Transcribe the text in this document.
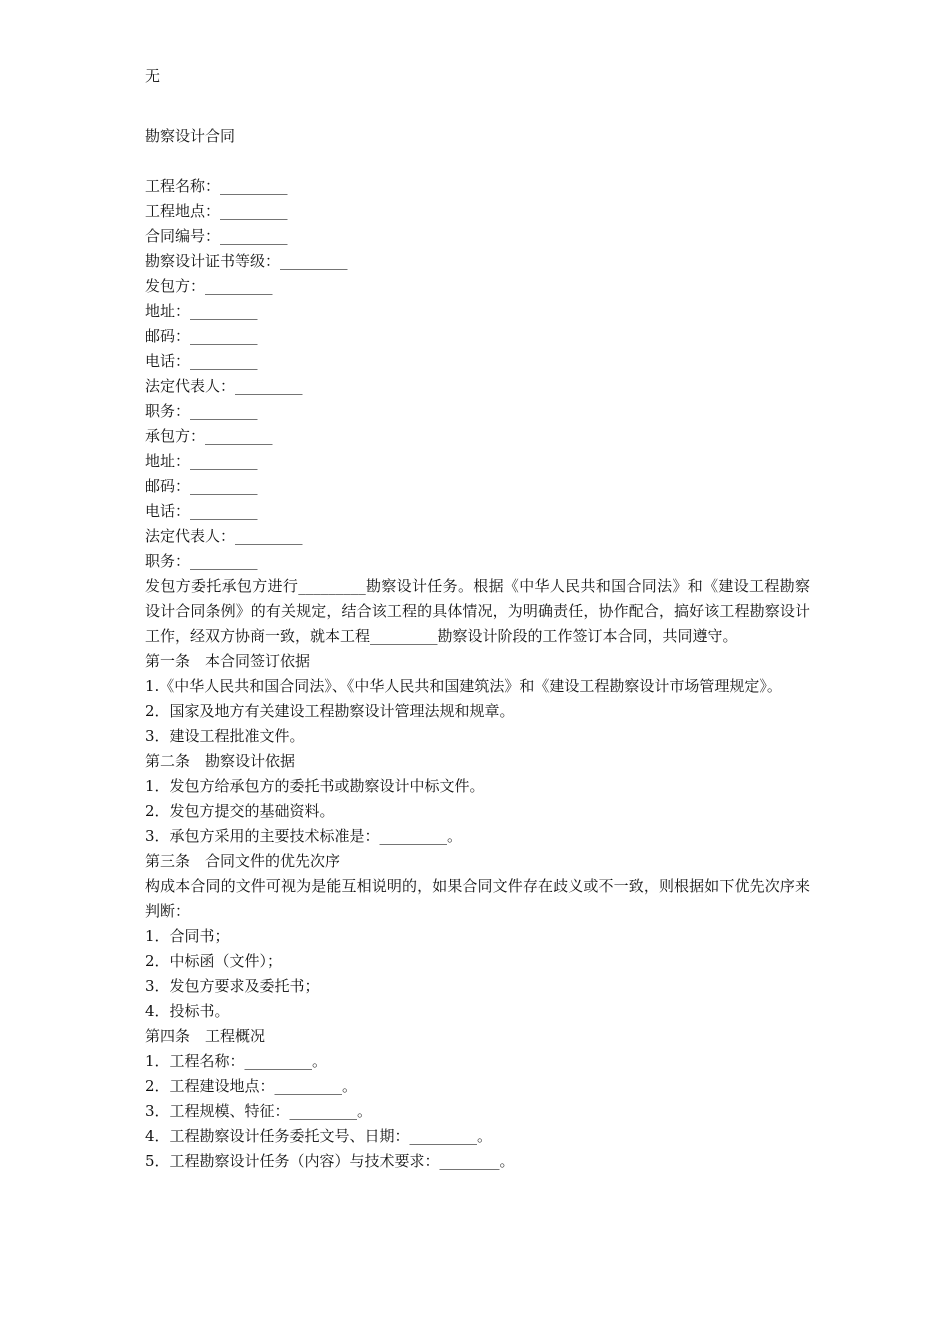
无
勘察设计合同
工程名称：_________
工程地点：_________
合同编号：_________
勘察设计证书等级：_________
发包方：_________
地址：_________
邮码：_________
电话：_________
法定代表人：_________
职务：_________
承包方：_________
地址：_________
邮码：_________
电话：_________
法定代表人：_________
职务：_________

发包方委托承包方进行_________勘察设计任务。根据《中华人民共和国合同法》和《建设工程勘察设计合同条例》的有关规定，结合该工程的具体情况，为明确责任，协作配合，搞好该工程勘察设计工作，经双方协商一致，就本工程_________勘察设计阶段的工作签订本合同，共同遵守。

第一条　本合同签订依据

1.《中华人民共和国合同法》、《中华人民共和国建筑法》和《建设工程勘察设计市场管理规定》。

2．国家及地方有关建设工程勘察设计管理法规和规章。
3．建设工程批准文件。
第二条　勘察设计依据
1．发包方给承包方的委托书或勘察设计中标文件。
2．发包方提交的基础资料。
3．承包方采用的主要技术标准是：_________。
第三条　合同文件的优先次序

构成本合同的文件可视为是能互相说明的，如果合同文件存在歧义或不一致，则根据如下优先次序来判断：

1．合同书；
2．中标函（文件）；
3．发包方要求及委托书；
4．投标书。
第四条　工程概况
1．工程名称：_________。
2．工程建设地点：_________。
3．工程规模、特征：_________。
4．工程勘察设计任务委托文号、日期：_________。
5．工程勘察设计任务（内容）与技术要求：________。
